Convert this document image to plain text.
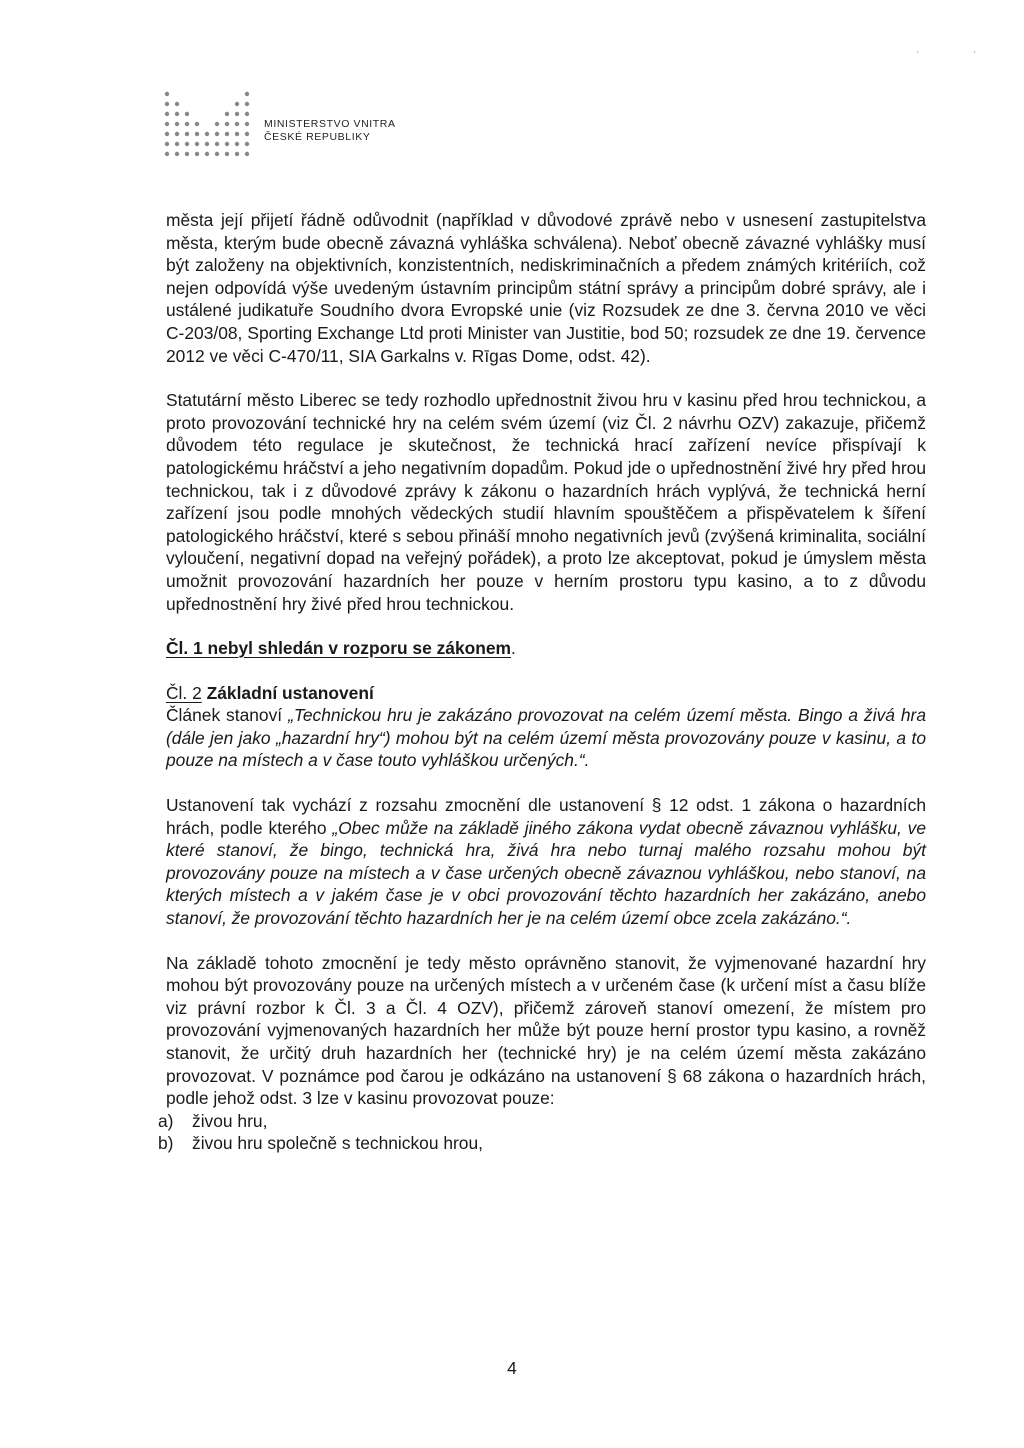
,	,
MINISTERSTVO VNITRA
ČESKÉ REPUBLIKY

města její přijetí řádně odůvodnit (například v důvodové zprávě nebo v usnesení zastupitelstva města, kterým bude obecně závazná vyhláška schválena). Neboť obecně závazné vyhlášky musí být založeny na objektivních, konzistentních, nediskriminačních a předem známých kritériích, což nejen odpovídá výše uvedeným ústavním principům státní správy a principům dobré správy, ale i ustálené judikatuře Soudního dvora Evropské unie (viz Rozsudek ze dne 3. června 2010 ve věci C-203/08, Sporting Exchange Ltd proti Minister van Justitie, bod 50; rozsudek ze dne 19. července 2012 ve věci C-470/11, SIA Garkalns v. Rīgas Dome, odst. 42).

Statutární město Liberec se tedy rozhodlo upřednostnit živou hru v kasinu před hrou technickou, a proto provozování technické hry na celém svém území (viz Čl. 2 návrhu OZV) zakazuje, přičemž důvodem této regulace je skutečnost, že technická hrací zařízení nevíce přispívají k patologickému hráčství a jeho negativním dopadům. Pokud jde o upřednostnění živé hry před hrou technickou, tak i z důvodové zprávy k zákonu o hazardních hrách vyplývá, že technická herní zařízení jsou podle mnohých vědeckých studií hlavním spouštěčem a přispěvatelem k šíření patologického hráčství, které s sebou přináší mnoho negativních jevů (zvýšená kriminalita, sociální vyloučení, negativní dopad na veřejný pořádek), a proto lze akceptovat, pokud je úmyslem města umožnit provozování hazardních her pouze v herním prostoru typu kasino, a to z důvodu upřednostnění hry živé před hrou technickou.

Čl. 1 nebyl shledán v rozporu se zákonem.

Čl. 2 Základní ustanovení

Článek stanoví „Technickou hru je zakázáno provozovat na celém území města. Bingo a živá hra (dále jen jako „hazardní hry“) mohou být na celém území města provozovány pouze v kasinu, a to pouze na místech a v čase touto vyhláškou určených.“.

Ustanovení tak vychází z rozsahu zmocnění dle ustanovení § 12 odst. 1 zákona o hazardních hrách, podle kterého „Obec může na základě jiného zákona vydat obecně závaznou vyhlášku, ve které stanoví, že bingo, technická hra, živá hra nebo turnaj malého rozsahu mohou být provozovány pouze na místech a v čase určených obecně závaznou vyhláškou, nebo stanoví, na kterých místech a v jakém čase je v obci provozování těchto hazardních her zakázáno, anebo stanoví, že provozování těchto hazardních her je na celém území obce zcela zakázáno.“.

Na základě tohoto zmocnění je tedy město oprávněno stanovit, že vyjmenované hazardní hry mohou být provozovány pouze na určených místech a v určeném čase (k určení míst a času blíže viz právní rozbor k Čl. 3 a Čl. 4 OZV), přičemž zároveň stanoví omezení, že místem pro provozování vyjmenovaných hazardních her může být pouze herní prostor typu kasino, a rovněž stanovit, že určitý druh hazardních her (technické hry) je na celém území města zakázáno provozovat. V poznámce pod čarou je odkázáno na ustanovení § 68 zákona o hazardních hrách, podle jehož odst. 3 lze v kasinu provozovat pouze:

a) živou hru,
b) živou hru společně s technickou hrou,
4
